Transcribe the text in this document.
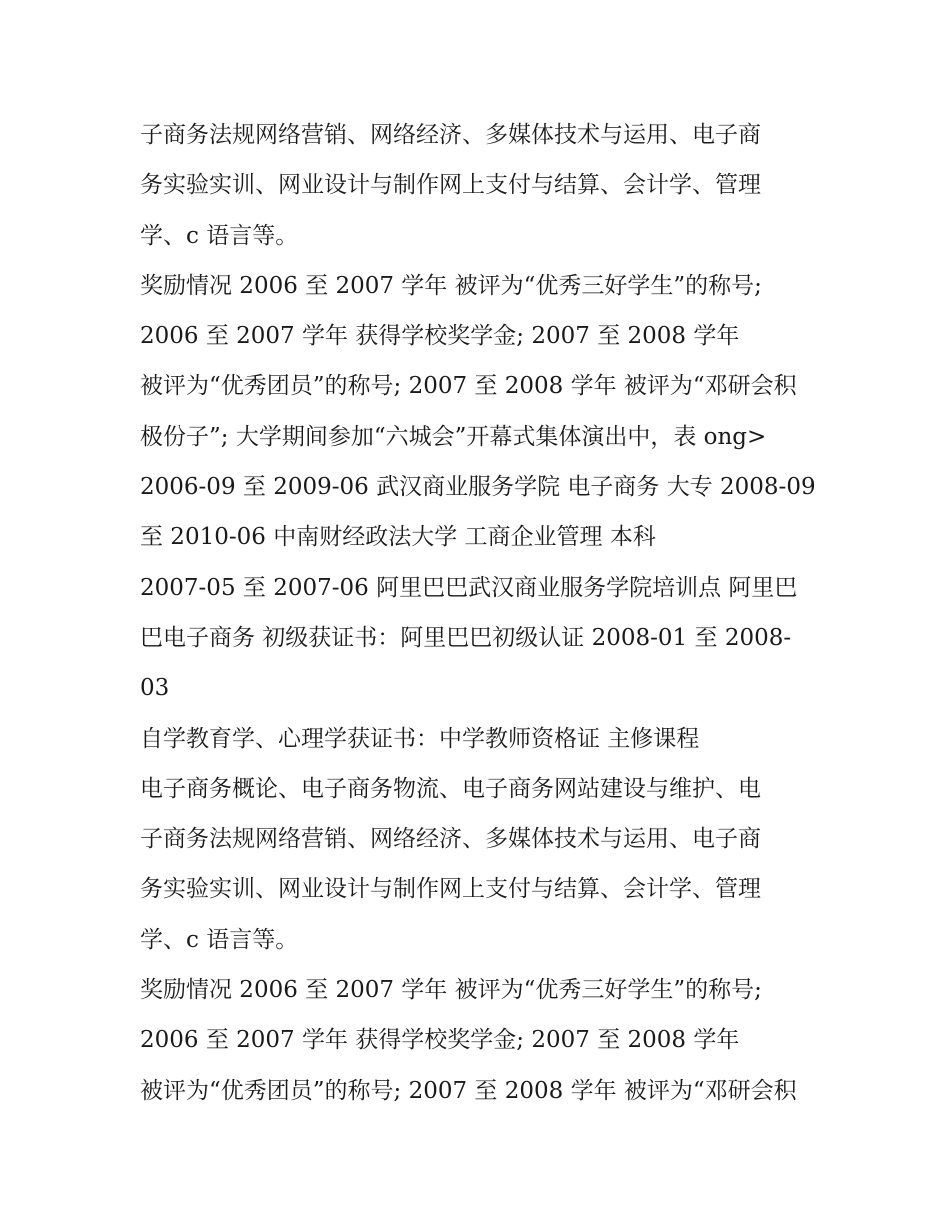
子商务法规网络营销、网络经济、多媒体技术与运用、电子商
务实验实训、网业设计与制作网上支付与结算、会计学、管理
学、c 语言等。
奖励情况 2006 至 2007 学年 被评为“优秀三好学生”的称号;
2006 至 2007 学年 获得学校奖学金; 2007 至 2008 学年
被评为“优秀团员”的称号; 2007 至 2008 学年 被评为“邓研会积
极份子”; 大学期间参加“六城会”开幕式集体演出中，表 ong>
2006-09 至 2009-06 武汉商业服务学院 电子商务 大专 2008-09
至 2010-06 中南财经政法大学 工商企业管理 本科
2007-05 至 2007-06 阿里巴巴武汉商业服务学院培训点 阿里巴
巴电子商务 初级获证书：阿里巴巴初级认证 2008-01 至 2008-
03
自学教育学、心理学获证书：中学教师资格证 主修课程
电子商务概论、电子商务物流、电子商务网站建设与维护、电
子商务法规网络营销、网络经济、多媒体技术与运用、电子商
务实验实训、网业设计与制作网上支付与结算、会计学、管理
学、c 语言等。
奖励情况 2006 至 2007 学年 被评为“优秀三好学生”的称号;
2006 至 2007 学年 获得学校奖学金; 2007 至 2008 学年
被评为“优秀团员”的称号; 2007 至 2008 学年 被评为“邓研会积
